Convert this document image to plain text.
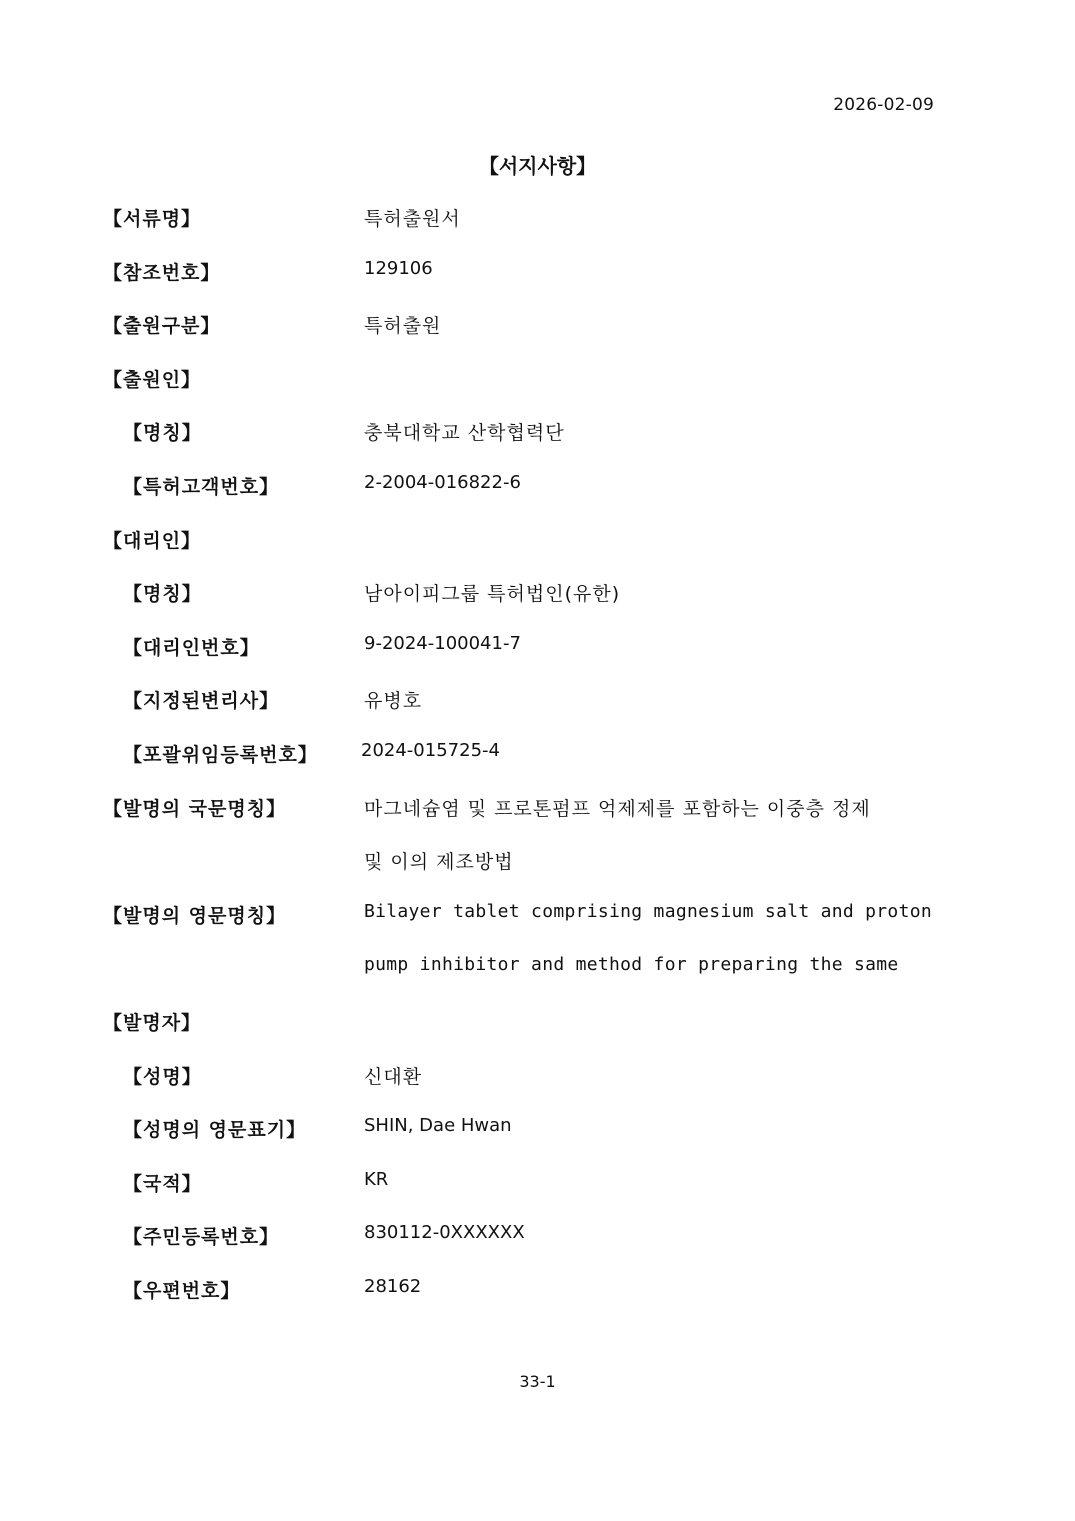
2026-02-09
【서지사항】
【서류명】	특허출원서
【참조번호】	129106
【출원구분】	특허출원
【출원인】
【명칭】	충북대학교 산학협력단
【특허고객번호】	2-2004-016822-6
【대리인】
【명칭】	남아이피그룹 특허법인(유한)
【대리인번호】	9-2024-100041-7
【지정된변리사】	유병호
【포괄위임등록번호】 2024-015725-4
【발명의 국문명칭】	마그네슘염 및 프로톤펌프 억제제를 포함하는 이중층 정제
및 이의 제조방법
【발명의 영문명칭】	Bilayer tablet comprising magnesium salt and proton
pump inhibitor and method for preparing the same
【발명자】
【성명】	신대환
【성명의 영문표기】	SHIN, Dae Hwan
【국적】	KR
【주민등록번호】	830112-0XXXXXX
【우편번호】	28162
33-1
